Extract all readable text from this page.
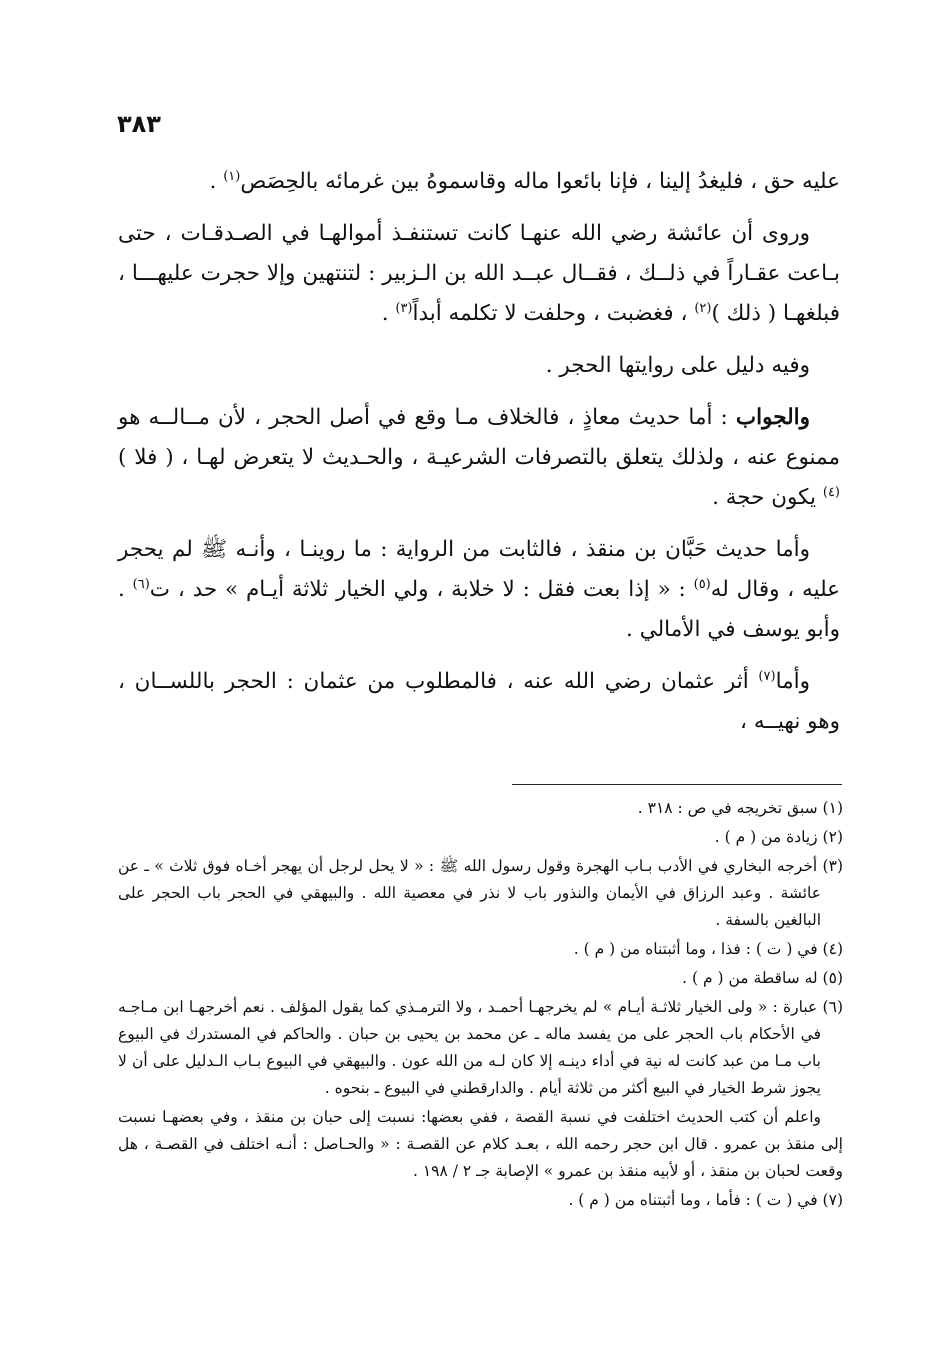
٣٨٣

عليه حق ، فليغدُ إلينا ، فإنا بائعوا ماله وقاسموهُ بين غرمائه بالحِصَص$^{(١)}$ .

وروى أن عائشة رضي الله عنهـا كانت تستنفـذ أموالهـا في الصـدقـات ، حتى بـاعت عقـاراً في ذلــك ، فقــال عبــد الله بن الـزبير : لتنتهين وإلا حجرت عليهـــا ، فبلغهـا ( ذلك )$^{(٢)}$ ، فغضبت ، وحلفت لا تكلمه أبداً$^{(٣)}$ .

وفيه دليل على روايتها الحجر .

والجواب : أما حديث معاذٍ ، فالخلاف مـا وقع في أصل الحجر ، لأن مــالــه هو ممنوع عنه ، ولذلك يتعلق بالتصرفات الشرعيـة ، والحـديث لا يتعرض لهـا ، ( فلا )$^{(٤)}$ يكون حجة .

وأما حديث حَبَّان بن منقذ ، فالثابت من الرواية : ما روينـا ، وأنـه ﷺ لم يحجر عليه ، وقال له$^{(٥)}$ : « إذا بعت فقل : لا خلابة ، ولي الخيار ثلاثة أيـام » حد ، ت$^{(٦)}$ . وأبو يوسف في الأمالي .

وأما$^{(٧)}$ أثر عثمان رضي الله عنه ، فالمطلوب من عثمان : الحجر باللســان ، وهو نهيــه ،

(١) سبق تخريجه في ص : ٣١٨ .
(٢) زيادة من ( م ) .
(٣) أخرجه البخاري في الأدب بـاب الهجرة وقول رسول الله ﷺ : « لا يحل لرجل أن يهجر أخـاه فوق ثلاث » ـ عن عائشة . وعبد الرزاق في الأيمان والنذور باب لا نذر في معصية الله . والبيهقي في الحجر باب الحجر على البالغين بالسفة .
(٤) في ( ت ) : فذا ، وما أثبتناه من ( م ) .
(٥) له ساقطة من ( م ) .
(٦) عبارة : « ولى الخيار ثلاثـة أيـام » لم يخرجهـا أحمـد ، ولا الترمـذي كما يقول المؤلف . نعم أخرجهـا ابن مـاجـه في الأحكام باب الحجر على من يفسد ماله ـ عن محمد بن يحيى بن حبان . والحاكم في المستدرك في البيوع باب مـا من عبد كانت له نية في أداء دينـه إلا كان لـه من الله عون . والبيهقي في البيوع بـاب الـدليل على أن لا يجوز شرط الخيار في البيع أكثر من ثلاثة أيام . والدارقطني في البيوع ـ بنحوه .
واعلم أن كتب الحديث اختلفت في نسبة القصة ، ففي بعضها: نسبت إلى حبان بن منقذ ، وفي بعضهـا نسبت إلى منقذ بن عمرو . قال ابن حجر رحمه الله ، بعـد كلام عن القصـة : « والحـاصل : أنـه اختلف في القصـة ، هل وقعت لحبان بن منقذ ، أو لأبيه منقذ بن عمرو » الإصابة جـ ٢ / ١٩٨ .
(٧) في ( ت ) : فأما ، وما أثبتناه من ( م ) .
